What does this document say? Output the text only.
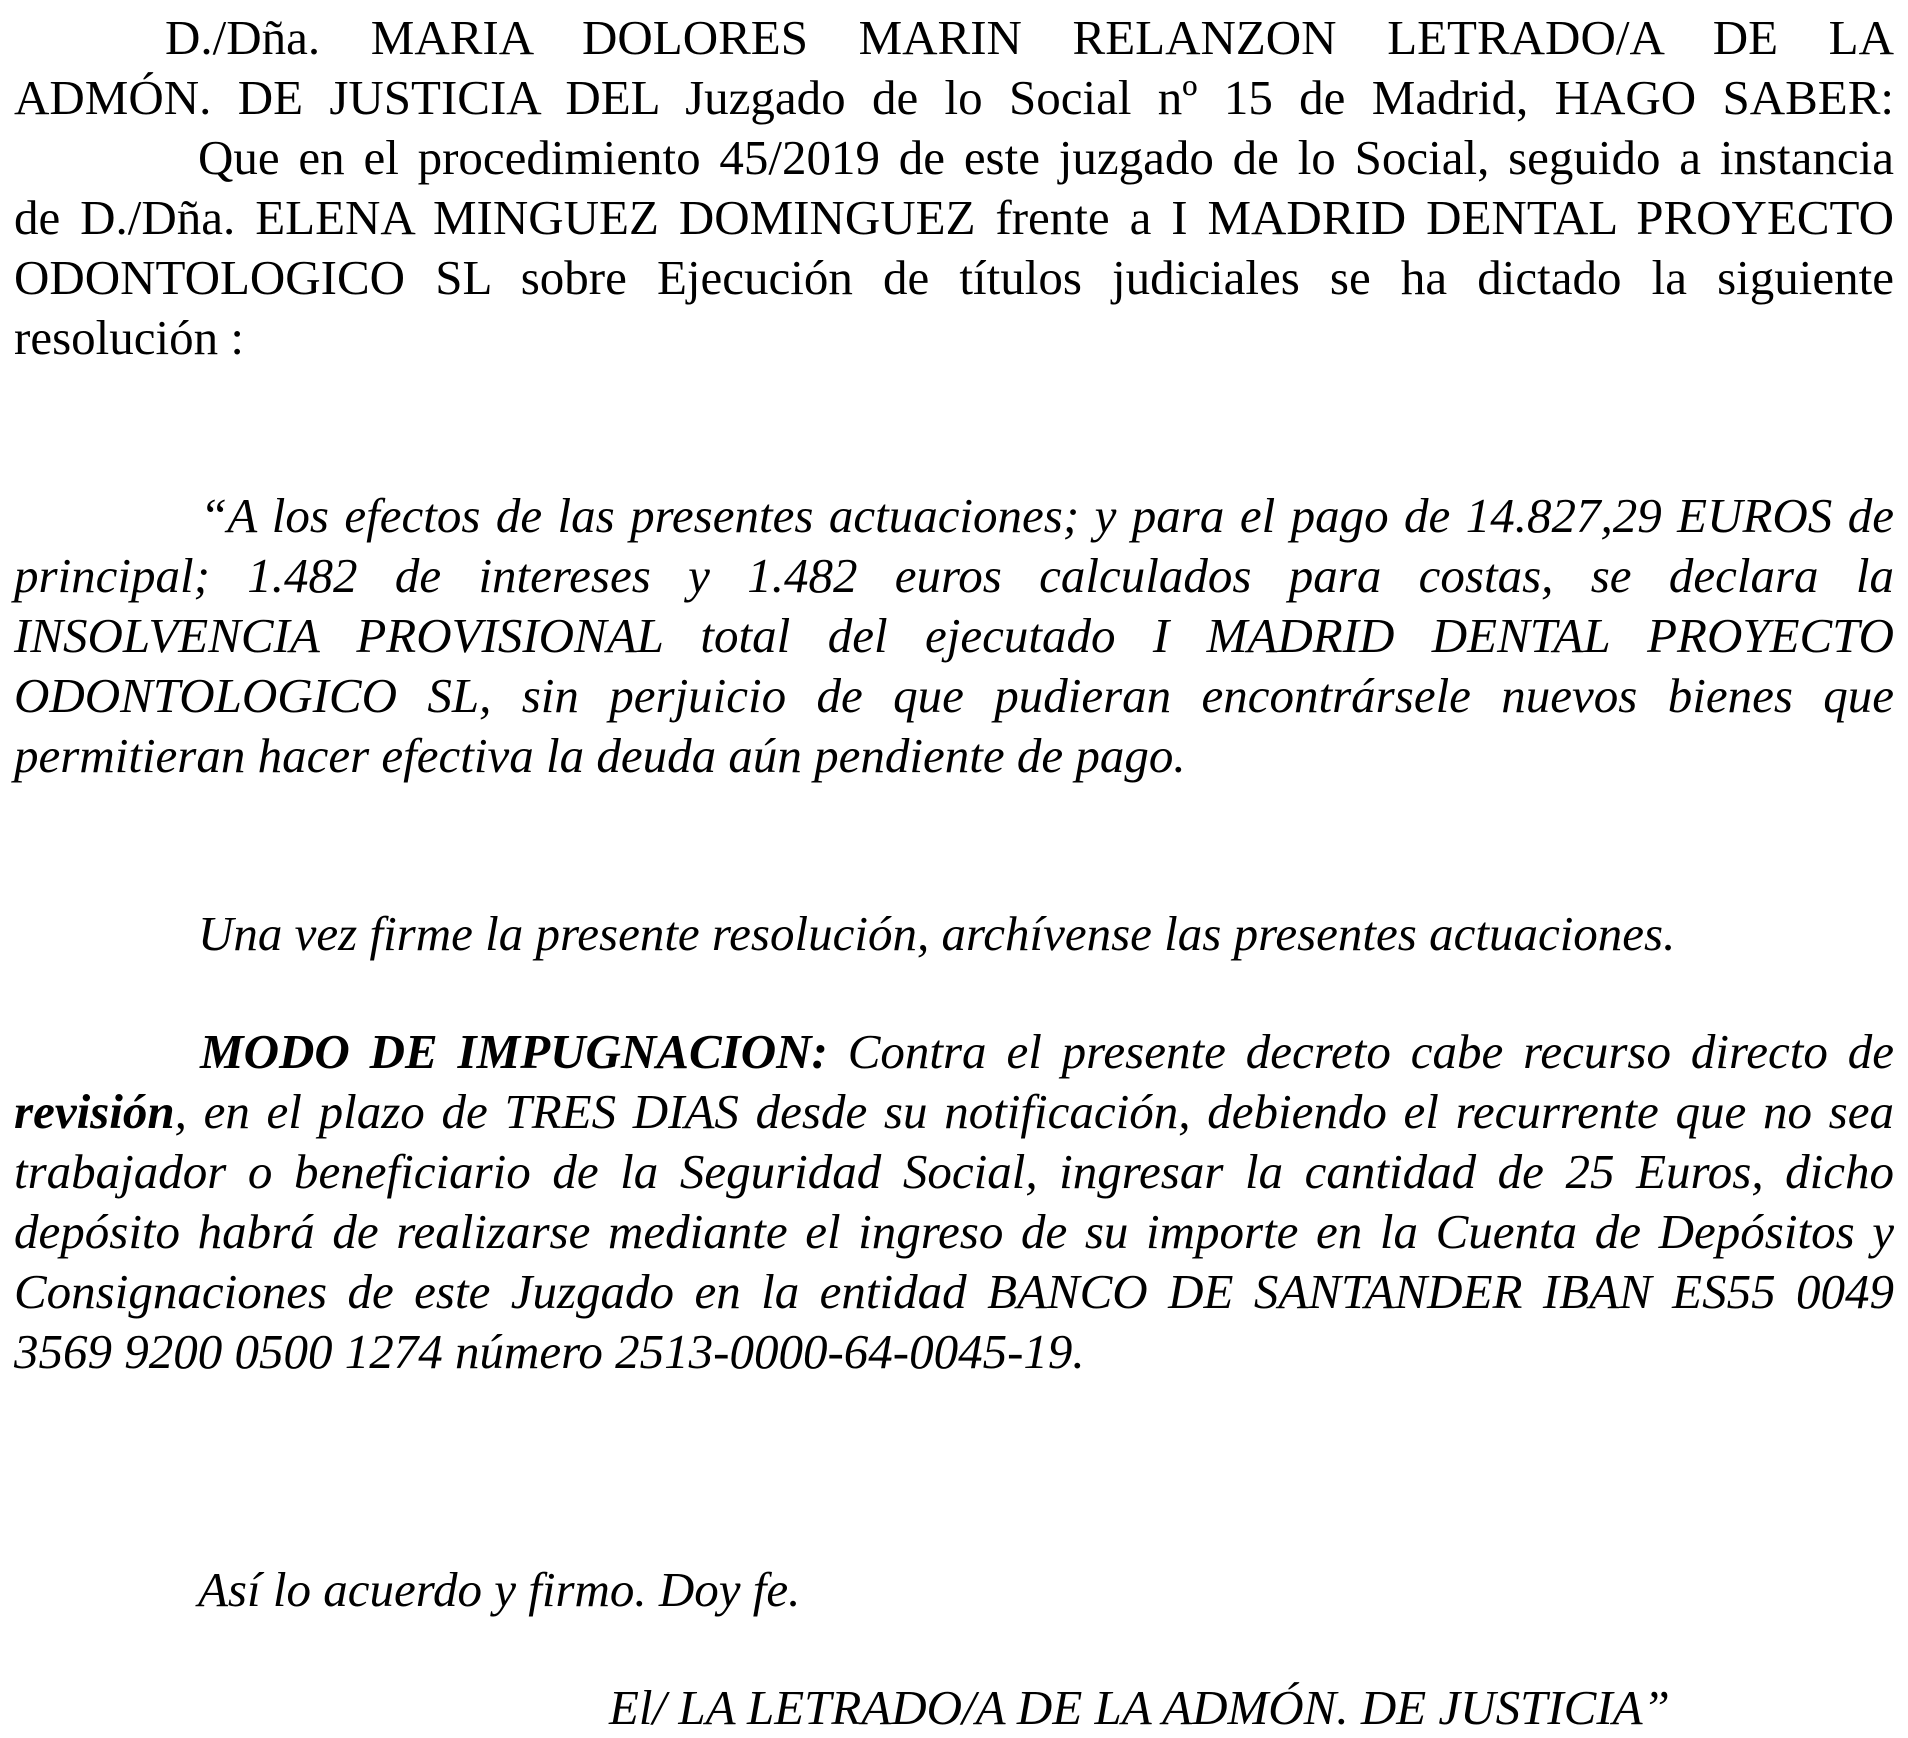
D./Dña. MARIA DOLORES MARIN RELANZON LETRADO/A DE LA
ADMÓN. DE JUSTICIA DEL Juzgado de lo Social nº 15 de Madrid, HAGO SABER:
Que en el procedimiento 45/2019 de este juzgado de lo Social, seguido a instancia
de D./Dña. ELENA MINGUEZ DOMINGUEZ frente a I MADRID DENTAL PROYECTO
ODONTOLOGICO SL sobre Ejecución de títulos judiciales se ha dictado la siguiente
resolución :
“A los efectos de las presentes actuaciones; y para el pago de 14.827,29 EUROS de
principal; 1.482 de intereses y 1.482 euros calculados para costas, se declara la
INSOLVENCIA PROVISIONAL total del ejecutado I MADRID DENTAL PROYECTO
ODONTOLOGICO SL, sin perjuicio de que pudieran encontrársele nuevos bienes que
permitieran hacer efectiva la deuda aún pendiente de pago.
Una vez firme la presente resolución, archívense las presentes actuaciones.
MODO DE IMPUGNACION: Contra el presente decreto cabe recurso directo de
revisión, en el plazo de TRES DIAS desde su notificación, debiendo el recurrente que no sea
trabajador o beneficiario de la Seguridad Social, ingresar la cantidad de 25 Euros, dicho
depósito habrá de realizarse mediante el ingreso de su importe en la Cuenta de Depósitos y
Consignaciones de este Juzgado en la entidad BANCO DE SANTANDER IBAN ES55 0049
3569 9200 0500 1274 número 2513-0000-64-0045-19.
Así lo acuerdo y firmo. Doy fe.
El/ LA LETRADO/A DE LA ADMÓN. DE JUSTICIA”
